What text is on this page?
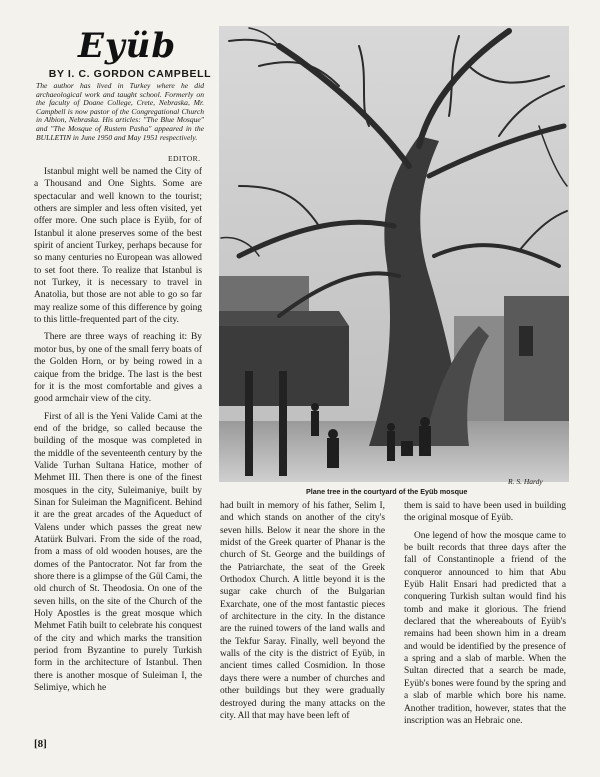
Eyüb
BY I. C. GORDON CAMPBELL
The author has lived in Turkey where he did archaeological work and taught school. Formerly on the faculty of Doane College, Crete, Nebraska, Mr. Campbell is now pastor of the Congregational Church in Albion, Nebraska. His articles: "The Blue Mosque" and "The Mosque of Rustem Pasha" appeared in the BULLETIN in June 1950 and May 1951 respectively.
EDITOR.

Istanbul might well be named the City of a Thousand and One Sights. Some are spectacular and well known to the tourist; others are simpler and less often visited, yet offer more. One such place is Eyüb, for of Istanbul it alone preserves some of the best spirit of ancient Turkey, perhaps because for so many centuries no European was allowed to set foot there. To realize that Istanbul is not Turkey, it is necessary to travel in Anatolia, but those are not able to go so far may realize some of this difference by going to this little-frequented part of the city.

There are three ways of reaching it: By motor bus, by one of the small ferry boats of the Golden Horn, or by being rowed in a caique from the bridge. The last is the best for it is the most comfortable and gives a good armchair view of the city.

First of all is the Yeni Valide Cami at the end of the bridge, so called because the building of the mosque was completed in the middle of the seventeenth century by the Valide Turhan Sultana Hatice, mother of Mehmet III. Then there is one of the finest mosques in the city, Suleimaniye, built by Sinan for Suleiman the Magnificent. Behind it are the great arcades of the Aqueduct of Valens under which passes the great new Atatürk Bulvari. From the side of the road, from a mass of old wooden houses, are the domes of the Pantocrator. Not far from the shore there is a glimpse of the Gül Cami, the old church of St. Theodosia. On one of the seven hills, on the site of the Church of the Holy Apostles is the great mosque which Mehmet Fatih built to celebrate his conquest of the city and which marks the transition period from Byzantine to purely Turkish form in the architecture of Istanbul. Then there is another mosque of Suleiman I, the Selimiye, which he

R. S. Hardy
Plane tree in the courtyard of the Eyüb mosque

had built in memory of his father, Selim I, and which stands on another of the city's seven hills. Below it near the shore in the midst of the Greek quarter of Phanar is the church of St. George and the buildings of the Patriarchate, the seat of the Greek Orthodox Church. A little beyond it is the sugar cake church of the Bulgarian Exarchate, one of the most fantastic pieces of architecture in the city. In the distance are the ruined towers of the land walls and the Tekfur Saray. Finally, well beyond the walls of the city is the district of Eyüb, in ancient times called Cosmidion. In those days there were a number of churches and other buildings but they were gradually destroyed during the many attacks on the city. All that may have been left of

them is said to have been used in building the original mosque of Eyüb.

One legend of how the mosque came to be built records that three days after the fall of Constantinople a friend of the conqueror announced to him that Abu Eyüb Halit Ensari had predicted that a conquering Turkish sultan would find his tomb and make it glorious. The friend declared that the whereabouts of Eyüb's remains had been shown him in a dream and would be identified by the presence of a spring and a slab of marble. When the Sultan directed that a search be made, Eyüb's bones were found by the spring and a slab of marble which bore his name. Another tradition, however, states that the inscription was an Hebraic one.

[8]
